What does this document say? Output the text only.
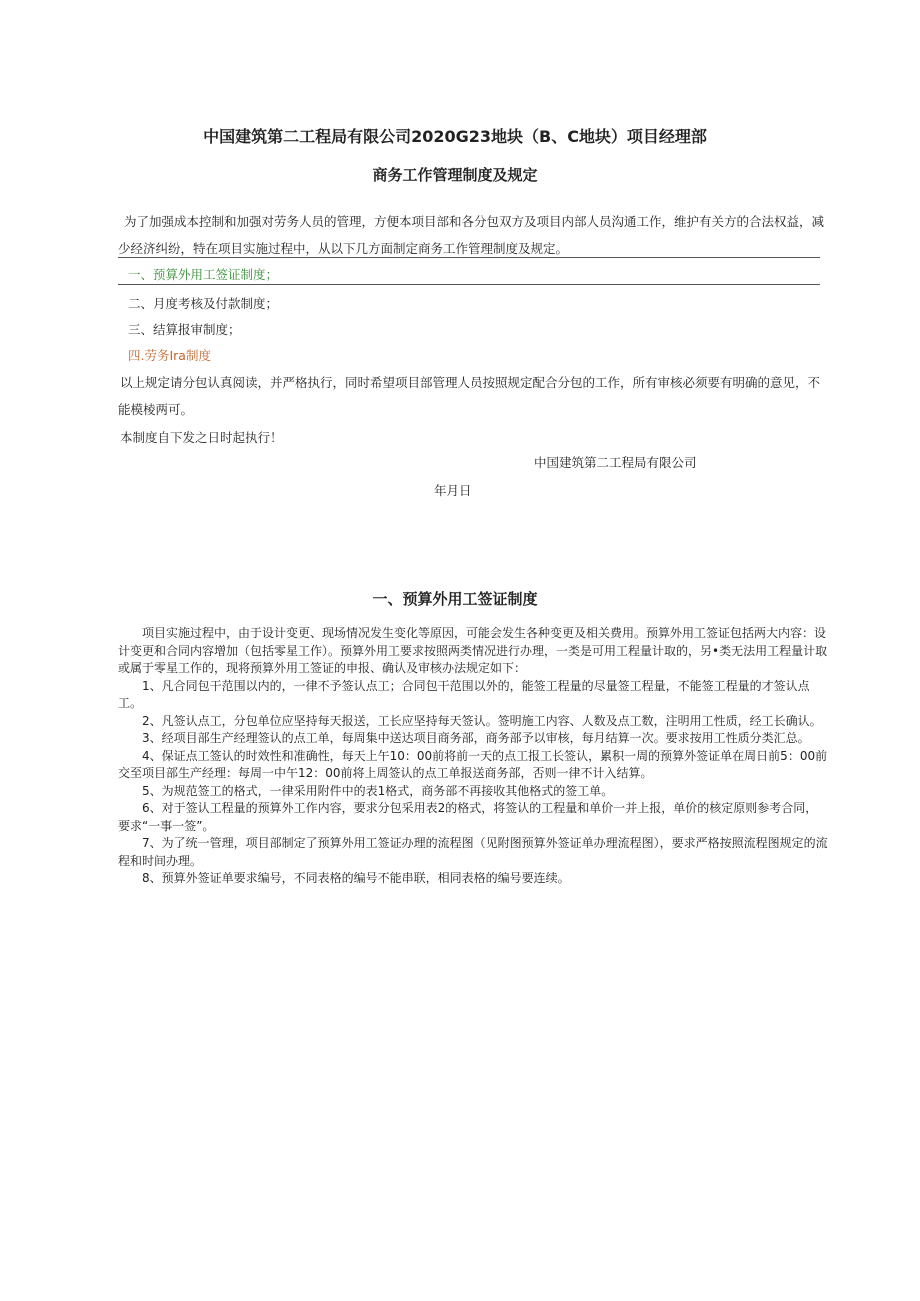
中国建筑第二工程局有限公司2020G23地块（B、C地块）项目经理部
商务工作管理制度及规定
为了加强成本控制和加强对劳务人员的管理，方便本项目部和各分包双方及项目内部人员沟通工作，维护有关方的合法权益，减少经济纠纷，特在项目实施过程中，从以下几方面制定商务工作管理制度及规定。
一、预算外用工签证制度；
二、月度考核及付款制度；
三、结算报审制度；
四.劳务Ira制度
以上规定请分包认真阅读，并严格执行，同时希望项目部管理人员按照规定配合分包的工作，所有审核必须要有明确的意见，不能模棱两可。
本制度自下发之日时起执行！
中国建筑第二工程局有限公司
年月日
一、预算外用工签证制度

项目实施过程中，由于设计变更、现场情况发生变化等原因，可能会发生各种变更及相关费用。预算外用工签证包括两大内容：设计变更和合同内容增加（包括零星工作）。预算外用工要求按照两类情况进行办理，一类是可用工程量计取的，另•类无法用工程量计取或属于零星工作的，现将预算外用工签证的申报、确认及审核办法规定如下：

1、凡合同包干范围以内的，一律不予签认点工；合同包干范围以外的，能签工程量的尽量签工程量，不能签工程量的才签认点工。

2、凡签认点工，分包单位应坚持每天报送，工长应坚持每天签认。签明施工内容、人数及点工数，注明用工性质，经工长确认。

3、经项目部生产经理签认的点工单，每周集中送达项目商务部，商务部予以审核，每月结算一次。要求按用工性质分类汇总。

4、保证点工签认的时效性和准确性，每天上午10：00前将前一天的点工报工长签认，累积一周的预算外签证单在周日前5：00前交至项目部生产经理：每周一中午12：00前将上周签认的点工单报送商务部，否则一律不计入结算。

5、为规范签工的格式，一律采用附件中的表1格式，商务部不再接收其他格式的签工单。

6、对于签认工程量的预算外工作内容，要求分包采用表2的格式，将签认的工程量和单价一并上报，单价的核定原则参考合同，要求“一事一签”。

7、为了统一管理，项目部制定了预算外用工签证办理的流程图（见附图预算外签证单办理流程图），要求严格按照流程图规定的流程和时间办理。

8、预算外签证单要求编号，不同表格的编号不能串联，相同表格的编号要连续。
